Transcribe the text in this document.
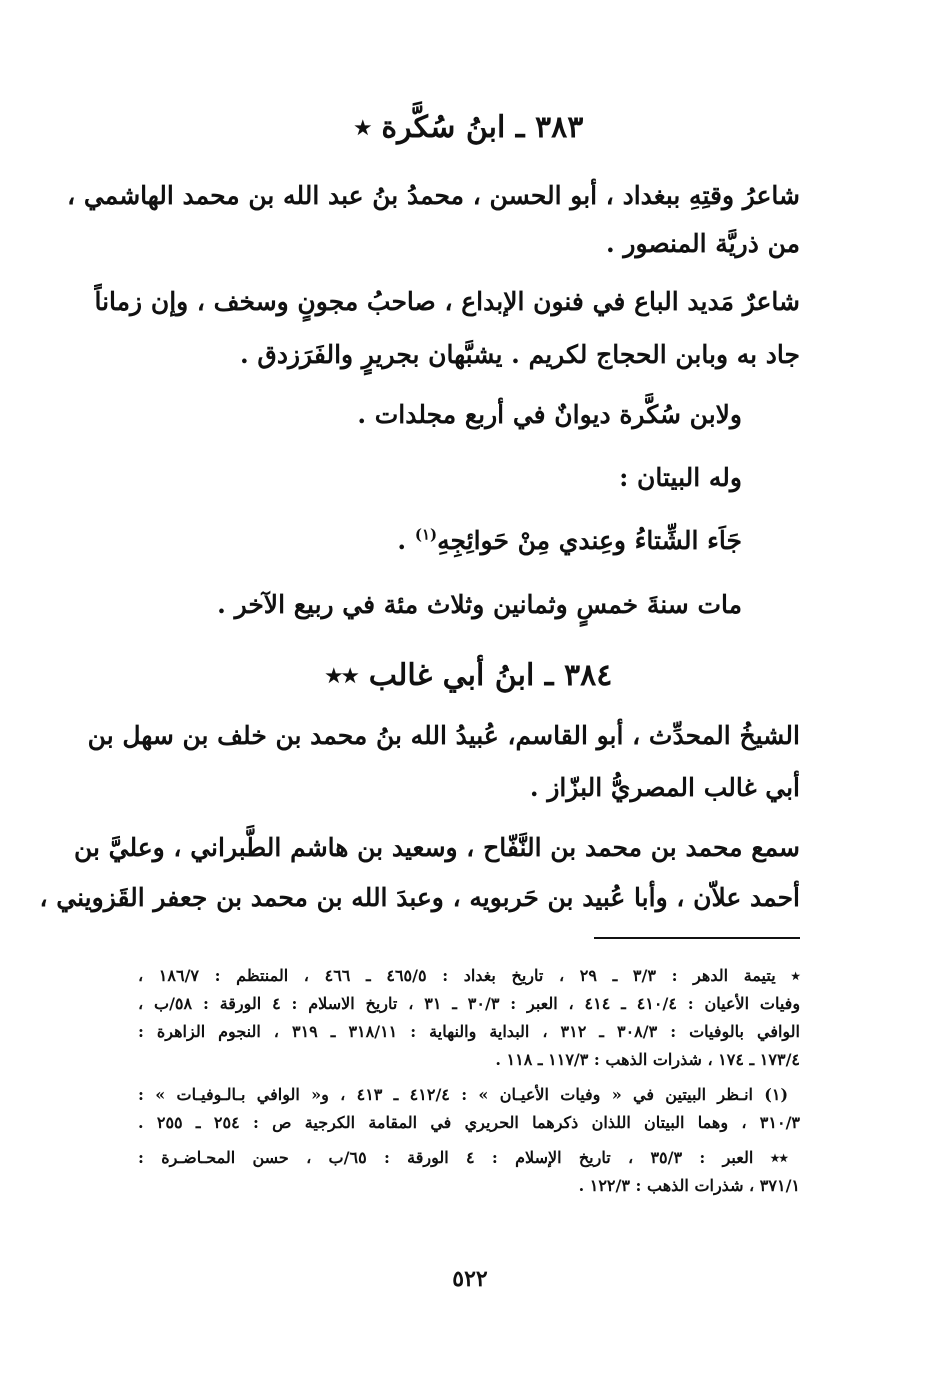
٣٨٣ ـ ابنُ سُكَّرة ٭
شاعرُ وقتِهِ ببغداد ، أبو الحسن ، محمدُ بنُ عبد الله بن محمد الهاشمي ،
من ذريَّة المنصور .
شاعرٌ مَديد الباع في فنون الإبداع ، صاحبُ مجونٍ وسخف ، وإن زماناً
جاد به وبابن الحجاج لكريم . يشبَّهان بجريرٍ والفَرَزدق .
ولابن سُكَّرة ديوانٌ في أربع مجلدات .
وله البيتان :
جَاَء الشِّتاءُ وعِندي مِنْ حَوائِجِهِ$^{(١)}$ .
مات سنةَ خمسٍ وثمانين وثلاث مئة في ربيع الآخر .
٣٨٤ ـ ابنُ أبي غالب ٭٭
الشيخُ المحدِّث ، أبو القاسم، عُبيدُ الله بنُ محمد بن خلف بن سهل بن
أبي غالب المصريُّ البزّاز .
سمع محمد بن محمد بن النَّفّاح ، وسعيد بن هاشم الطَّبراني ، وعليَّ بن
أحمد علاّن ، وأبا عُبيد بن حَربويه ، وعبدَ الله بن محمد بن جعفر القَزويني ،
٭ يتيمة الدهر : ٣/٣ ـ ٢٩ ، تاريخ بغداد : ٤٦٥/٥ ـ ٤٦٦ ، المنتظم : ١٨٦/٧ ،
وفيات الأعيان : ٤١٠/٤ ـ ٤١٤ ، العبر : ٣٠/٣ ـ ٣١ ، تاريخ الاسلام : ٤ الورقة : ٥٨/ب ،
الوافي بالوفيات : ٣٠٨/٣ ـ ٣١٢ ، البداية والنهاية : ٣١٨/١١ ـ ٣١٩ ، النجوم الزاهرة :
١٧٣/٤ ـ ١٧٤ ، شذرات الذهب : ١١٧/٣ ـ ١١٨ .
(١) انـظر البيتين في « وفيات الأعيـان » : ٤١٢/٤ ـ ٤١٣ ، و« الوافي بـالـوفيـات » :
٣١٠/٣ ، وهما البيتان اللذان ذكرهما الحريري في المقامة الكرجية ص : ٢٥٤ ـ ٢٥٥ .
٭٭ العبر : ٣٥/٣ ، تاريخ الإسلام : ٤ الورقة : ٦٥/ب ، حسن المحـاضـرة :
٣٧١/١ ، شذرات الذهب : ١٢٢/٣ .
٥٢٢
